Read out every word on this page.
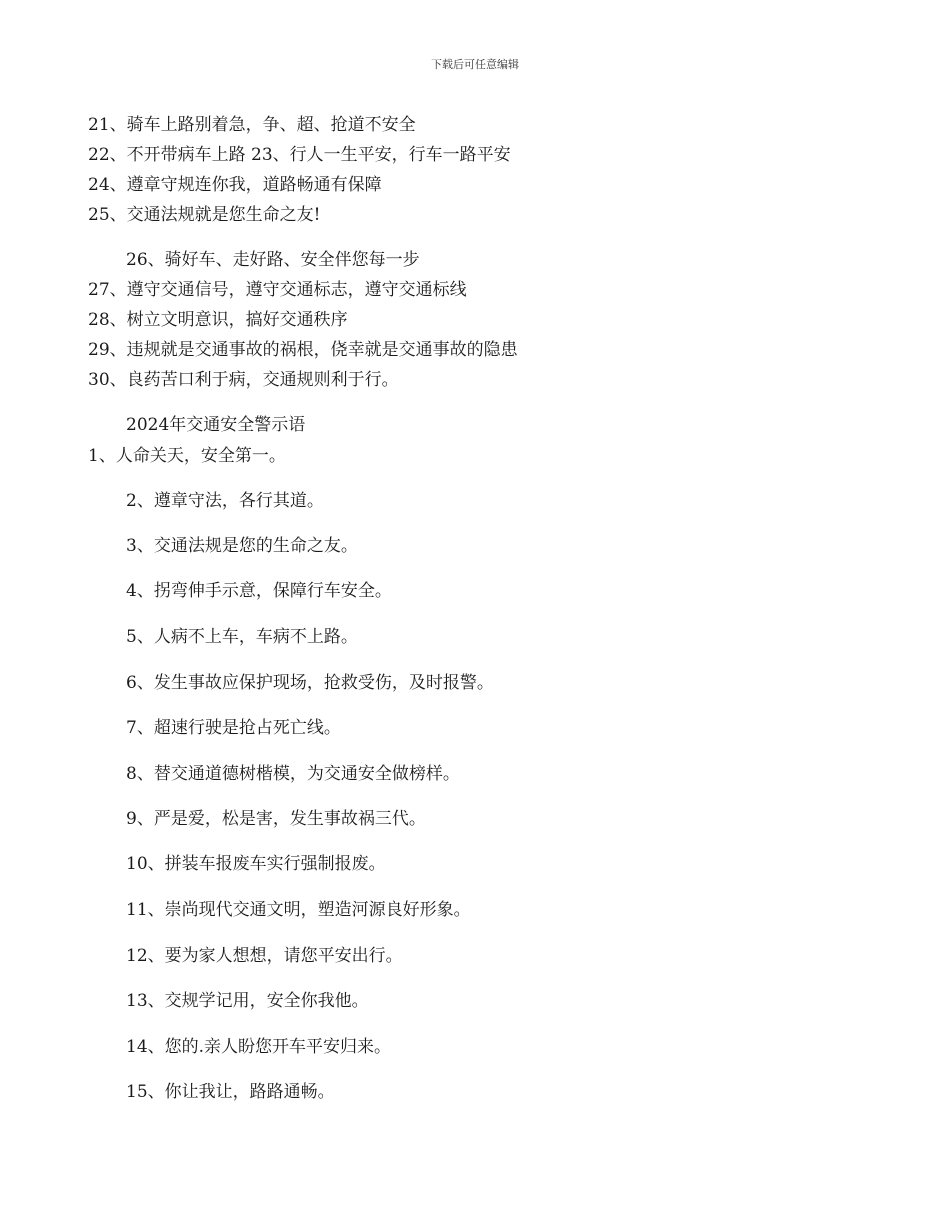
下载后可任意编辑
21、骑车上路别着急，争、超、抢道不安全
22、不开带病车上路 23、行人一生平安，行车一路平安
24、遵章守规连你我，道路畅通有保障
25、交通法规就是您生命之友!
26、骑好车、走好路、安全伴您每一步
27、遵守交通信号，遵守交通标志，遵守交通标线
28、树立文明意识，搞好交通秩序
29、违规就是交通事故的祸根，侥幸就是交通事故的隐患
30、良药苦口利于病，交通规则利于行。
2024年交通安全警示语
1、人命关天，安全第一。
2、遵章守法，各行其道。
3、交通法规是您的生命之友。
4、拐弯伸手示意，保障行车安全。
5、人病不上车，车病不上路。
6、发生事故应保护现场，抢救受伤，及时报警。
7、超速行驶是抢占死亡线。
8、替交通道德树楷模，为交通安全做榜样。
9、严是爱，松是害，发生事故祸三代。
10、拼装车报废车实行强制报废。
11、崇尚现代交通文明，塑造河源良好形象。
12、要为家人想想，请您平安出行。
13、交规学记用，安全你我他。
14、您的.亲人盼您开车平安归来。
15、你让我让，路路通畅。
